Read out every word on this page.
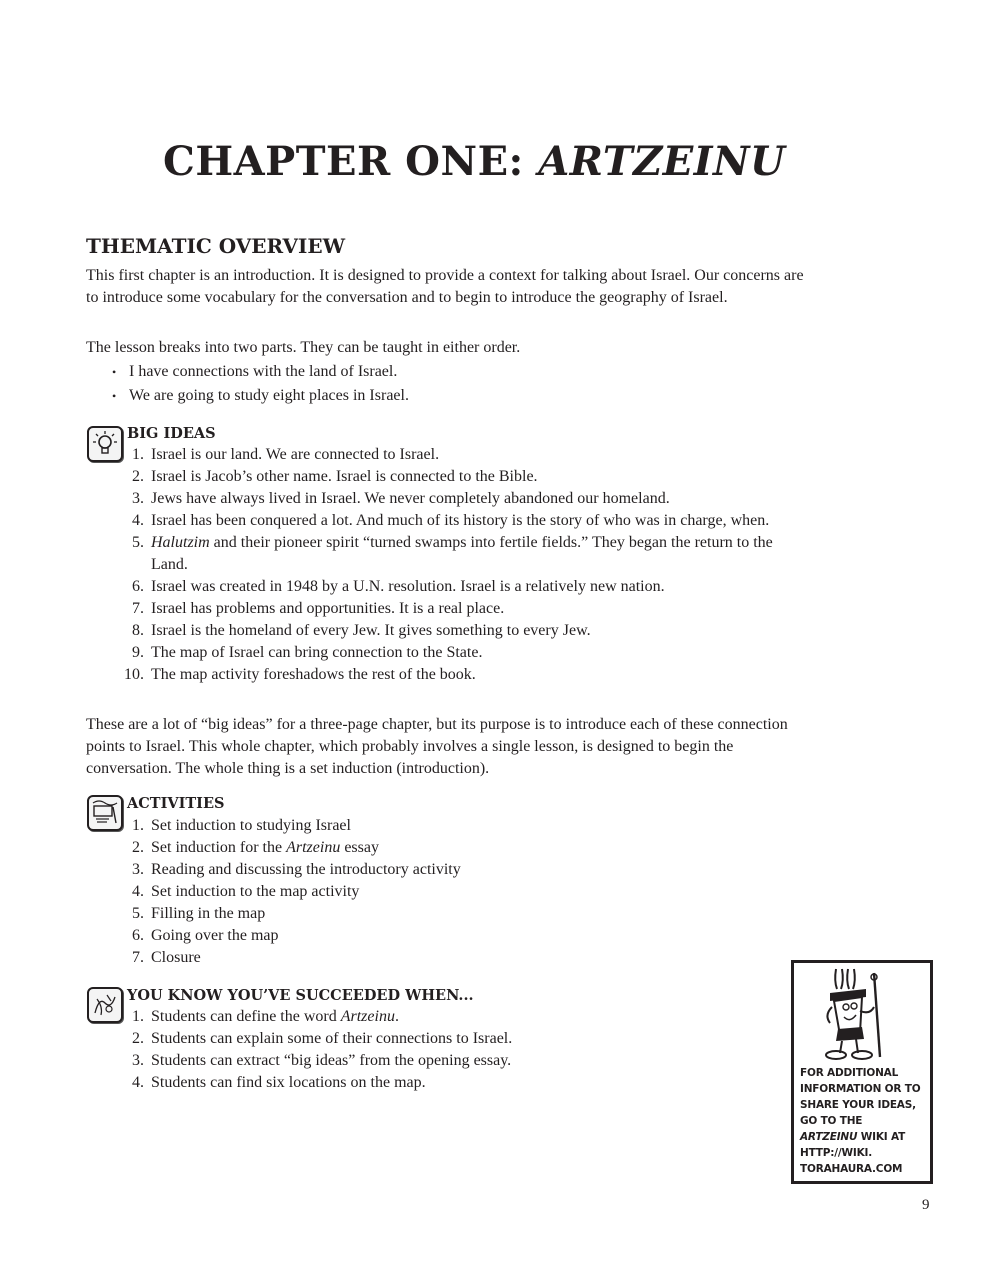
CHAPTER ONE: ARTZEINU
THEMATIC OVERVIEW

This first chapter is an introduction. It is designed to provide a context for talking about Israel. Our concerns are to introduce some vocabulary for the conversation and to begin to introduce the geography of Israel.

The lesson breaks into two parts. They can be taught in either order.

• I have connections with the land of Israel.
• We are going to study eight places in Israel.
BIG IDEAS
1. Israel is our land. We are connected to Israel.
2. Israel is Jacob’s other name. Israel is connected to the Bible.
3. Jews have always lived in Israel. We never completely abandoned our homeland.
4. Israel has been conquered a lot. And much of its history is the story of who was in charge, when.
5. Halutzim and their pioneer spirit “turned swamps into fertile fields.” They began the return to the Land.
6. Israel was created in 1948 by a U.N. resolution. Israel is a relatively new nation.
7. Israel has problems and opportunities. It is a real place.
8. Israel is the homeland of every Jew. It gives something to every Jew.
9. The map of Israel can bring connection to the State.
10. The map activity foreshadows the rest of the book.

These are a lot of “big ideas” for a three-page chapter, but its purpose is to introduce each of these connection points to Israel. This whole chapter, which probably involves a single lesson, is designed to begin the conversation. The whole thing is a set induction (introduction).

ACTIVITIES
1. Set induction to studying Israel
2. Set induction for the Artzeinu essay
3. Reading and discussing the introductory activity
4. Set induction to the map activity
5. Filling in the map
6. Going over the map
7. Closure
YOU KNOW YOU’VE SUCCEEDED WHEN...
1. Students can define the word Artzeinu.
2. Students can explain some of their connections to Israel.
3. Students can extract “big ideas” from the opening essay.
4. Students can find six locations on the map.
FOR ADDITIONAL
INFORMATION OR TO
SHARE YOUR IDEAS,
GO TO THE
ARTZEINU WIKI AT
HTTP://WIKI.
TORAHAURA.COM
9
